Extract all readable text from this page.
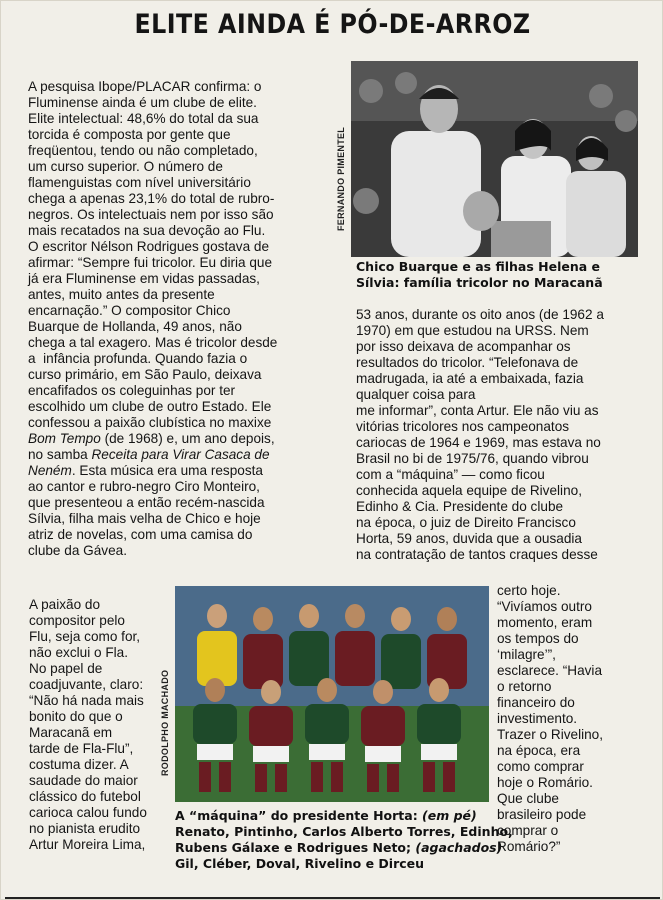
ELITE AINDA É PÓ-DE-ARROZ
A pesquisa Ibope/PLACAR confirma: o
Fluminense ainda é um clube de elite.
Elite intelectual: 48,6% do total da sua
torcida é composta por gente que
freqüentou, tendo ou não completado,
um curso superior. O número de
flamenguistas com nível universitário
chega a apenas 23,1% do total de rubro-
negros. Os intelectuais nem por isso são
mais recatados na sua devoção ao Flu.
O escritor Nélson Rodrigues gostava de
afirmar: “Sempre fui tricolor. Eu diria que
já era Fluminense em vidas passadas,
antes, muito antes da presente
encarnação.” O compositor Chico
Buarque de Hollanda, 49 anos, não
chega a tal exagero. Mas é tricolor desde
a  infância profunda. Quando fazia o
curso primário, em São Paulo, deixava
encafifados os coleguinhas por ter
escolhido um clube de outro Estado. Ele
confessou a paixão clubística no maxixe
Bom Tempo (de 1968) e, um ano depois,
no samba Receita para Virar Casaca de
Neném. Esta música era uma resposta
ao cantor e rubro-negro Ciro Monteiro,
que presenteou a então recém-nascida
Sílvia, filha mais velha de Chico e hoje
atriz de novelas, com uma camisa do
clube da Gávea.
A paixão do
compositor pelo
Flu, seja como for,
não exclui o Fla.
No papel de
coadjuvante, claro:
“Não há nada mais
bonito do que o
Maracanã em
tarde de Fla-Flu”,
costuma dizer. A
saudade do maior
clássico do futebol
carioca calou fundo
no pianista erudito
Artur Moreira Lima,
FERNANDO PIMENTEL
Chico Buarque e as filhas Helena e
Sílvia: família tricolor no Maracanã
53 anos, durante os oito anos (de 1962 a
1970) em que estudou na URSS. Nem
por isso deixava de acompanhar os
resultados do tricolor. “Telefonava de
madrugada, ia até a embaixada, fazia
qualquer coisa para
me informar”, conta Artur. Ele não viu as
vitórias tricolores nos campeonatos
cariocas de 1964 e 1969, mas estava no
Brasil no bi de 1975/76, quando vibrou
com a “máquina” — como ficou
conhecida aquela equipe de Rivelino,
Edinho & Cia. Presidente do clube
na época, o juiz de Direito Francisco
Horta, 59 anos, duvida que a ousadia
na contratação de tantos craques desse
RODOLPHO MACHADO
A “máquina” do presidente Horta: (em pé)
Renato, Pintinho, Carlos Alberto Torres, Edinho,
Rubens Gálaxe e Rodrigues Neto; (agachados)
Gil, Cléber, Doval, Rivelino e Dirceu
certo hoje.
“Vivíamos outro
momento, eram
os tempos do
‘milagre’”,
esclarece. “Havia
o retorno
financeiro do
investimento.
Trazer o Rivelino,
na época, era
como comprar
hoje o Romário.
Que clube
brasileiro pode
comprar o
Romário?”
